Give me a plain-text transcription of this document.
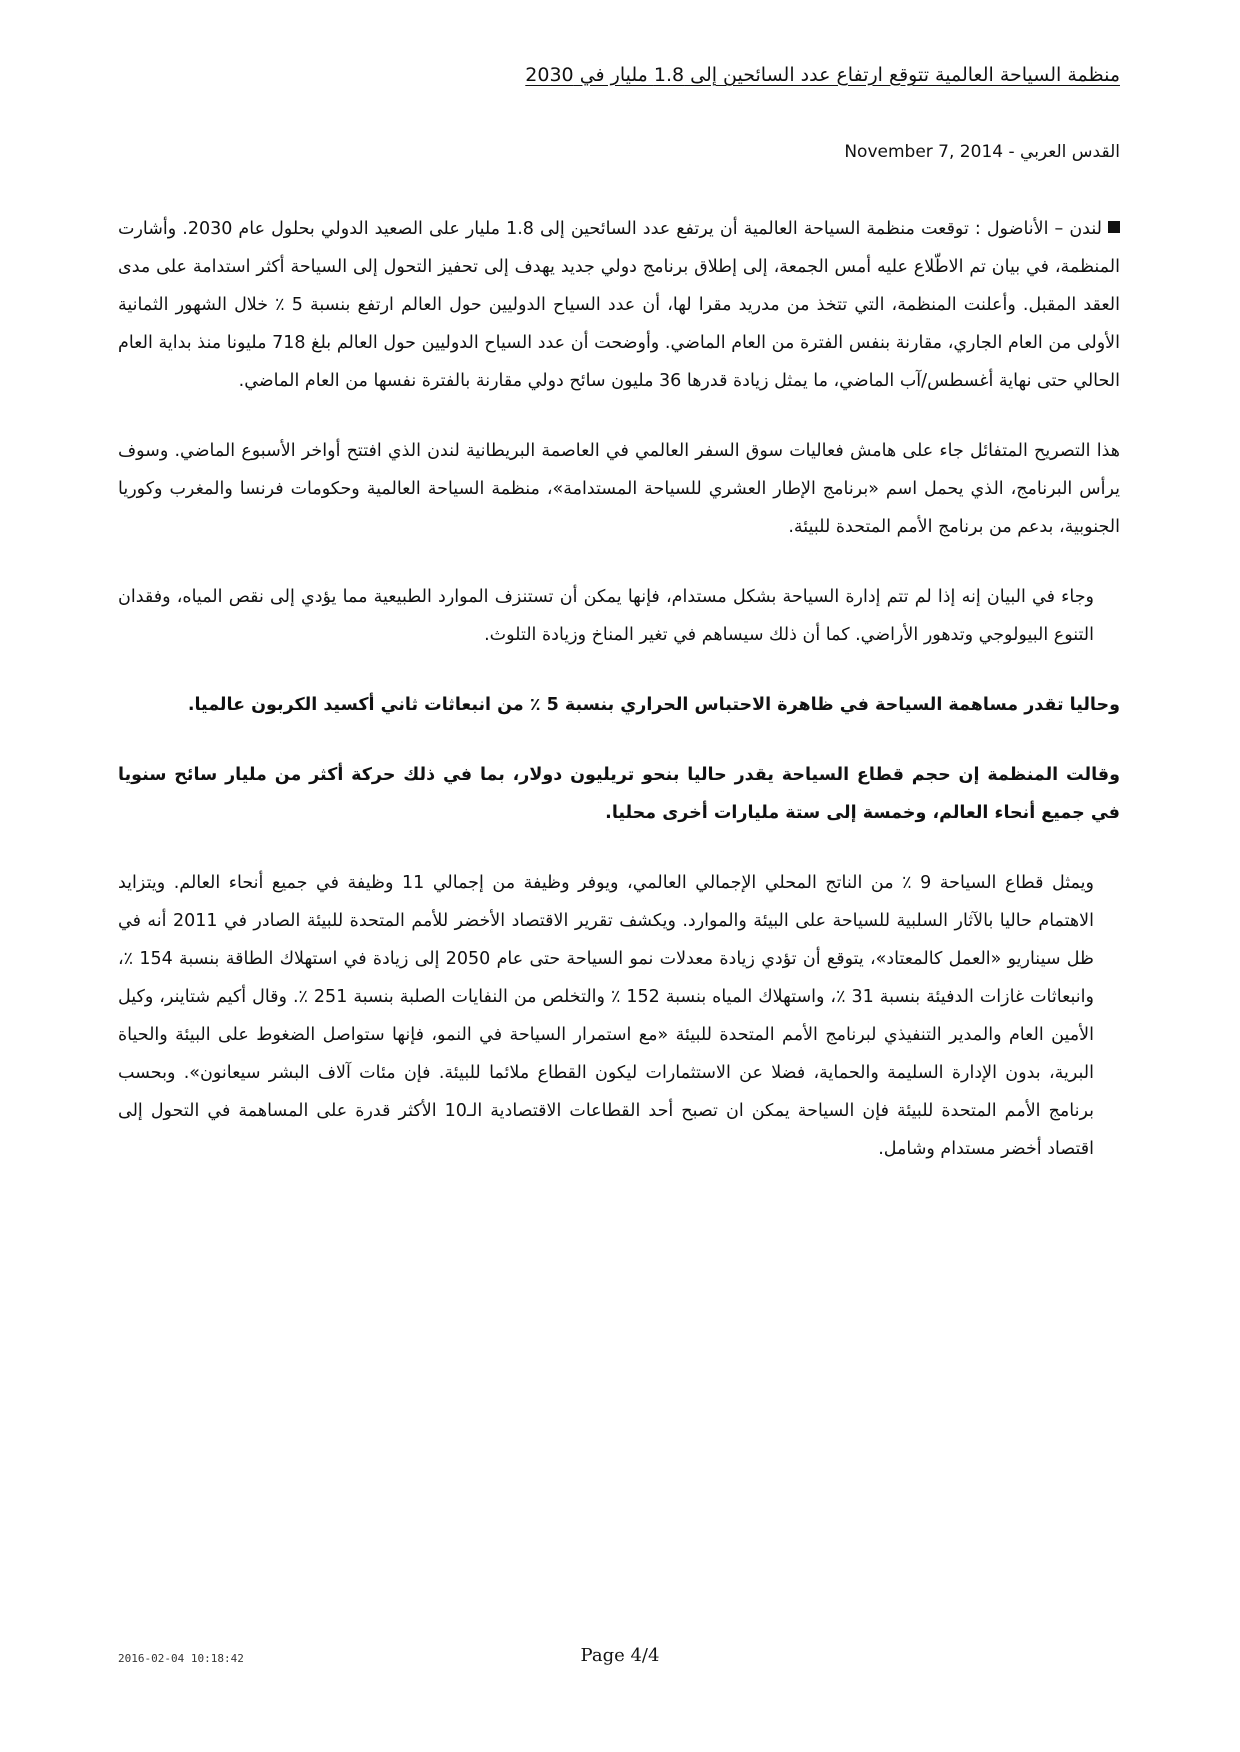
منظمة السياحة العالمية تتوقع ارتفاع عدد السائحين إلى 1.8 مليار في 2030
القدس العربي - November 7, 2014

لندن – الأناضول : توقعت منظمة السياحة العالمية أن يرتفع عدد السائحين إلى 1.8 مليار على الصعيد الدولي بحلول عام 2030. وأشارت المنظمة، في بيان تم الاطّلاع عليه أمس الجمعة، إلى إطلاق برنامج دولي جديد يهدف إلى تحفيز التحول إلى السياحة أكثر استدامة على مدى العقد المقبل. وأعلنت المنظمة، التي تتخذ من مدريد مقرا لها، أن عدد السياح الدوليين حول العالم ارتفع بنسبة 5 ٪ خلال الشهور الثمانية الأولى من العام الجاري، مقارنة بنفس الفترة من العام الماضي. وأوضحت أن عدد السياح الدوليين حول العالم بلغ 718 مليونا منذ بداية العام الحالي حتى نهاية أغسطس/آب الماضي، ما يمثل زيادة قدرها 36 مليون سائح دولي مقارنة بالفترة نفسها من العام الماضي.

هذا التصريح المتفائل جاء على هامش فعاليات سوق السفر العالمي في العاصمة البريطانية لندن الذي افتتح أواخر الأسبوع الماضي. وسوف يرأس البرنامج، الذي يحمل اسم «برنامج الإطار العشري للسياحة المستدامة»، منظمة السياحة العالمية وحكومات فرنسا والمغرب وكوريا الجنوبية، بدعم من برنامج الأمم المتحدة للبيئة.

وجاء في البيان إنه إذا لم تتم إدارة السياحة بشكل مستدام، فإنها يمكن أن تستنزف الموارد الطبيعية مما يؤدي إلى نقص المياه، وفقدان التنوع البيولوجي وتدهور الأراضي. كما أن ذلك سيساهم في تغير المناخ وزيادة التلوث.

وحاليا تقدر مساهمة السياحة في ظاهرة الاحتباس الحراري بنسبة 5 ٪ من انبعاثات ثاني أكسيد الكربون عالميا.

وقالت المنظمة إن حجم قطاع السياحة يقدر حاليا بنحو تريليون دولار، بما في ذلك حركة أكثر من مليار سائح سنويا في جميع أنحاء العالم، وخمسة إلى ستة مليارات أخرى محليا.

ويمثل قطاع السياحة 9 ٪ من الناتج المحلي الإجمالي العالمي، ويوفر وظيفة من إجمالي 11 وظيفة في جميع أنحاء العالم. ويتزايد الاهتمام حاليا بالآثار السلبية للسياحة على البيئة والموارد. ويكشف تقرير الاقتصاد الأخضر للأمم المتحدة للبيئة الصادر في 2011 أنه في ظل سيناريو «العمل كالمعتاد»، يتوقع أن تؤدي زيادة معدلات نمو السياحة حتى عام 2050 إلى زيادة في استهلاك الطاقة بنسبة 154 ٪، وانبعاثات غازات الدفيئة بنسبة 31 ٪، واستهلاك المياه بنسبة 152 ٪ والتخلص من النفايات الصلبة بنسبة 251 ٪. وقال أكيم شتاينر، وكيل الأمين العام والمدير التنفيذي لبرنامج الأمم المتحدة للبيئة «مع استمرار السياحة في النمو، فإنها ستواصل الضغوط على البيئة والحياة البرية، بدون الإدارة السليمة والحماية، فضلا عن الاستثمارات ليكون القطاع ملائما للبيئة. فإن مئات آلاف البشر سيعانون». وبحسب برنامج الأمم المتحدة للبيئة فإن السياحة يمكن ان تصبح أحد القطاعات الاقتصادية الـ10 الأكثر قدرة على المساهمة في التحول إلى اقتصاد أخضر مستدام وشامل.

2016-02-04 10:18:42	Page 4/4
